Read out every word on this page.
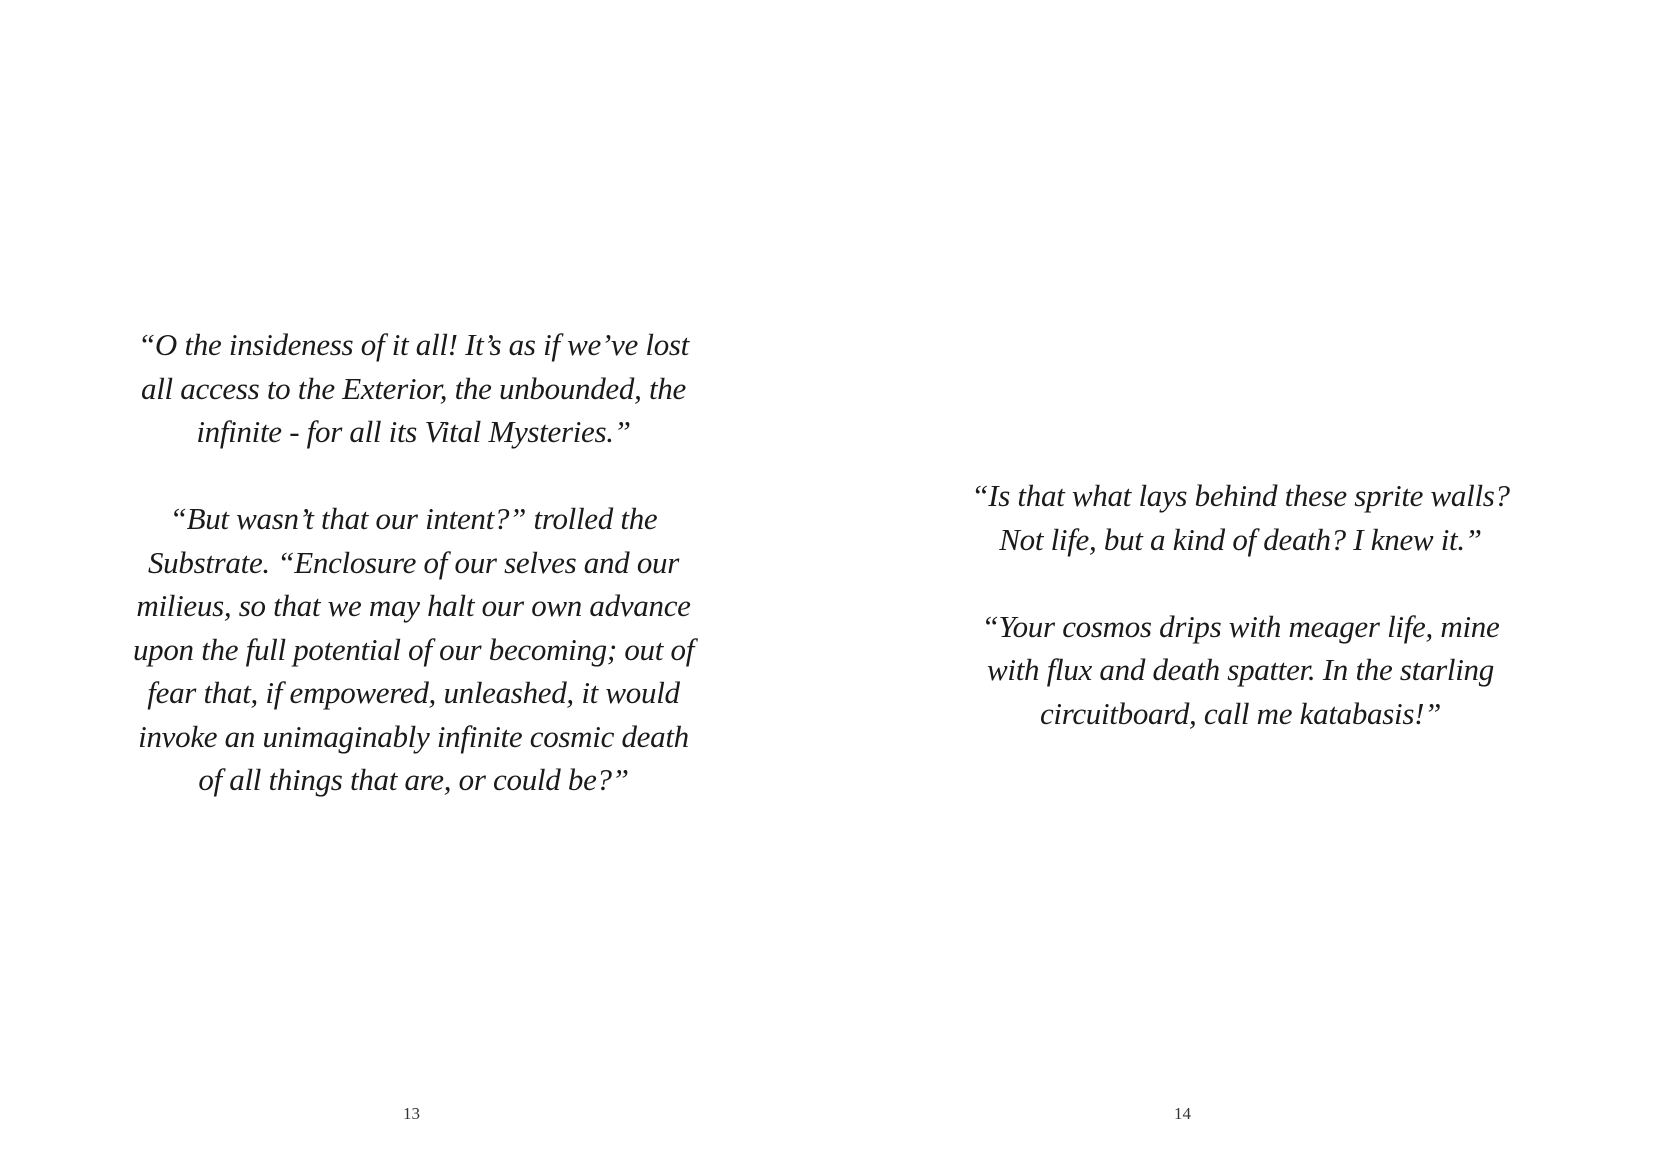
“O the insideness of it all! It’s as if we’ve lost
all access to the Exterior, the unbounded, the
infinite - for all its Vital Mysteries.”

“But wasn’t that our intent?” trolled the
Substrate. “Enclosure of our selves and our
milieus, so that we may halt our own advance
upon the full potential of our becoming; out of
fear that, if empowered, unleashed, it would
invoke an unimaginably infinite cosmic death
of all things that are, or could be?”

13

“Is that what lays behind these sprite walls?
Not life, but a kind of death? I knew it.”

“Your cosmos drips with meager life, mine
with flux and death spatter. In the starling
circuitboard, call me katabasis!”

14
